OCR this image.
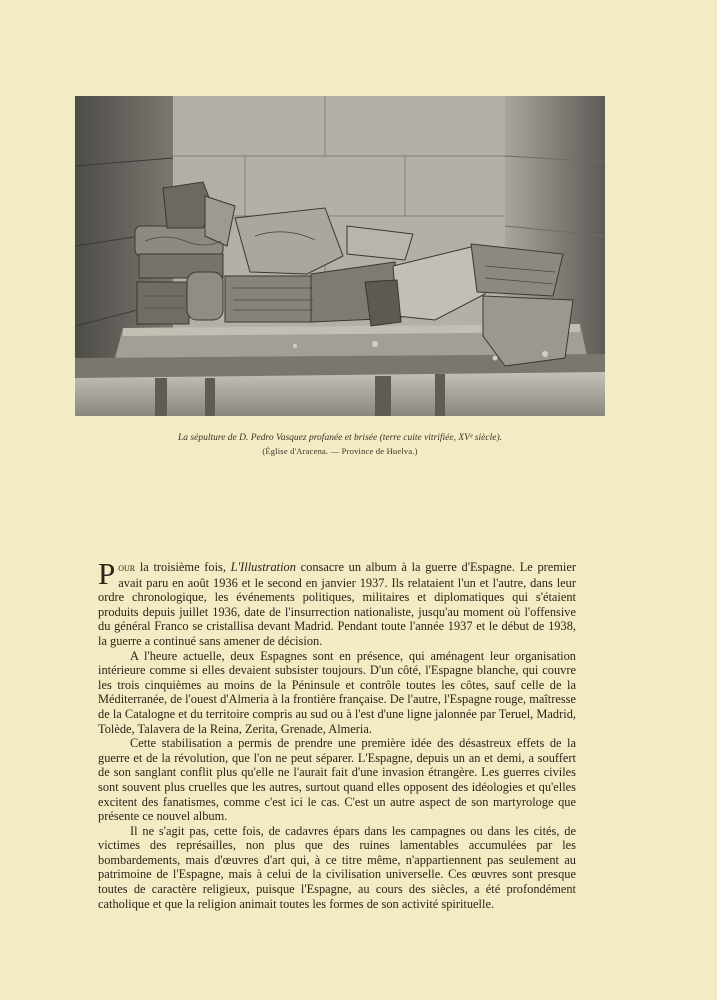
La sépulture de D. Pedro Vasquez profanée et brisée (terre cuite vitrifiée, XVᵉ siècle).
(Église d'Aracena. — Province de Huelva.)

Pour la troisième fois, L'Illustration consacre un album à la guerre d'Espagne. Le premier avait paru en août 1936 et le second en janvier 1937. Ils relataient l'un et l'autre, dans leur ordre chronologique, les événements politiques, militaires et diplomatiques qui s'étaient produits depuis juillet 1936, date de l'insurrection nationaliste, jusqu'au moment où l'offensive du général Franco se cristallisa devant Madrid. Pendant toute l'année 1937 et le début de 1938, la guerre a continué sans amener de décision.

A l'heure actuelle, deux Espagnes sont en présence, qui aménagent leur organisation intérieure comme si elles devaient subsister toujours. D'un côté, l'Espagne blanche, qui couvre les trois cinquièmes au moins de la Péninsule et contrôle toutes les côtes, sauf celle de la Méditerranée, de l'ouest d'Almeria à la frontière française. De l'autre, l'Espagne rouge, maîtresse de la Catalogne et du territoire compris au sud ou à l'est d'une ligne jalonnée par Teruel, Madrid, Tolède, Talavera de la Reina, Zerita, Grenade, Almeria.

Cette stabilisation a permis de prendre une première idée des désastreux effets de la guerre et de la révolution, que l'on ne peut séparer. L'Espagne, depuis un an et demi, a souffert de son sanglant conflit plus qu'elle ne l'aurait fait d'une invasion étrangère. Les guerres civiles sont souvent plus cruelles que les autres, surtout quand elles opposent des idéologies et qu'elles excitent des fanatismes, comme c'est ici le cas. C'est un autre aspect de son martyrologe que présente ce nouvel album.

Il ne s'agit pas, cette fois, de cadavres épars dans les campagnes ou dans les cités, de victimes des représailles, non plus que des ruines lamentables accumulées par les bombardements, mais d'œuvres d'art qui, à ce titre même, n'appartiennent pas seulement au patrimoine de l'Espagne, mais à celui de la civilisation universelle. Ces œuvres sont presque toutes de caractère religieux, puisque l'Espagne, au cours des siècles, a été profondément catholique et que la religion animait toutes les formes de son activité spirituelle.
